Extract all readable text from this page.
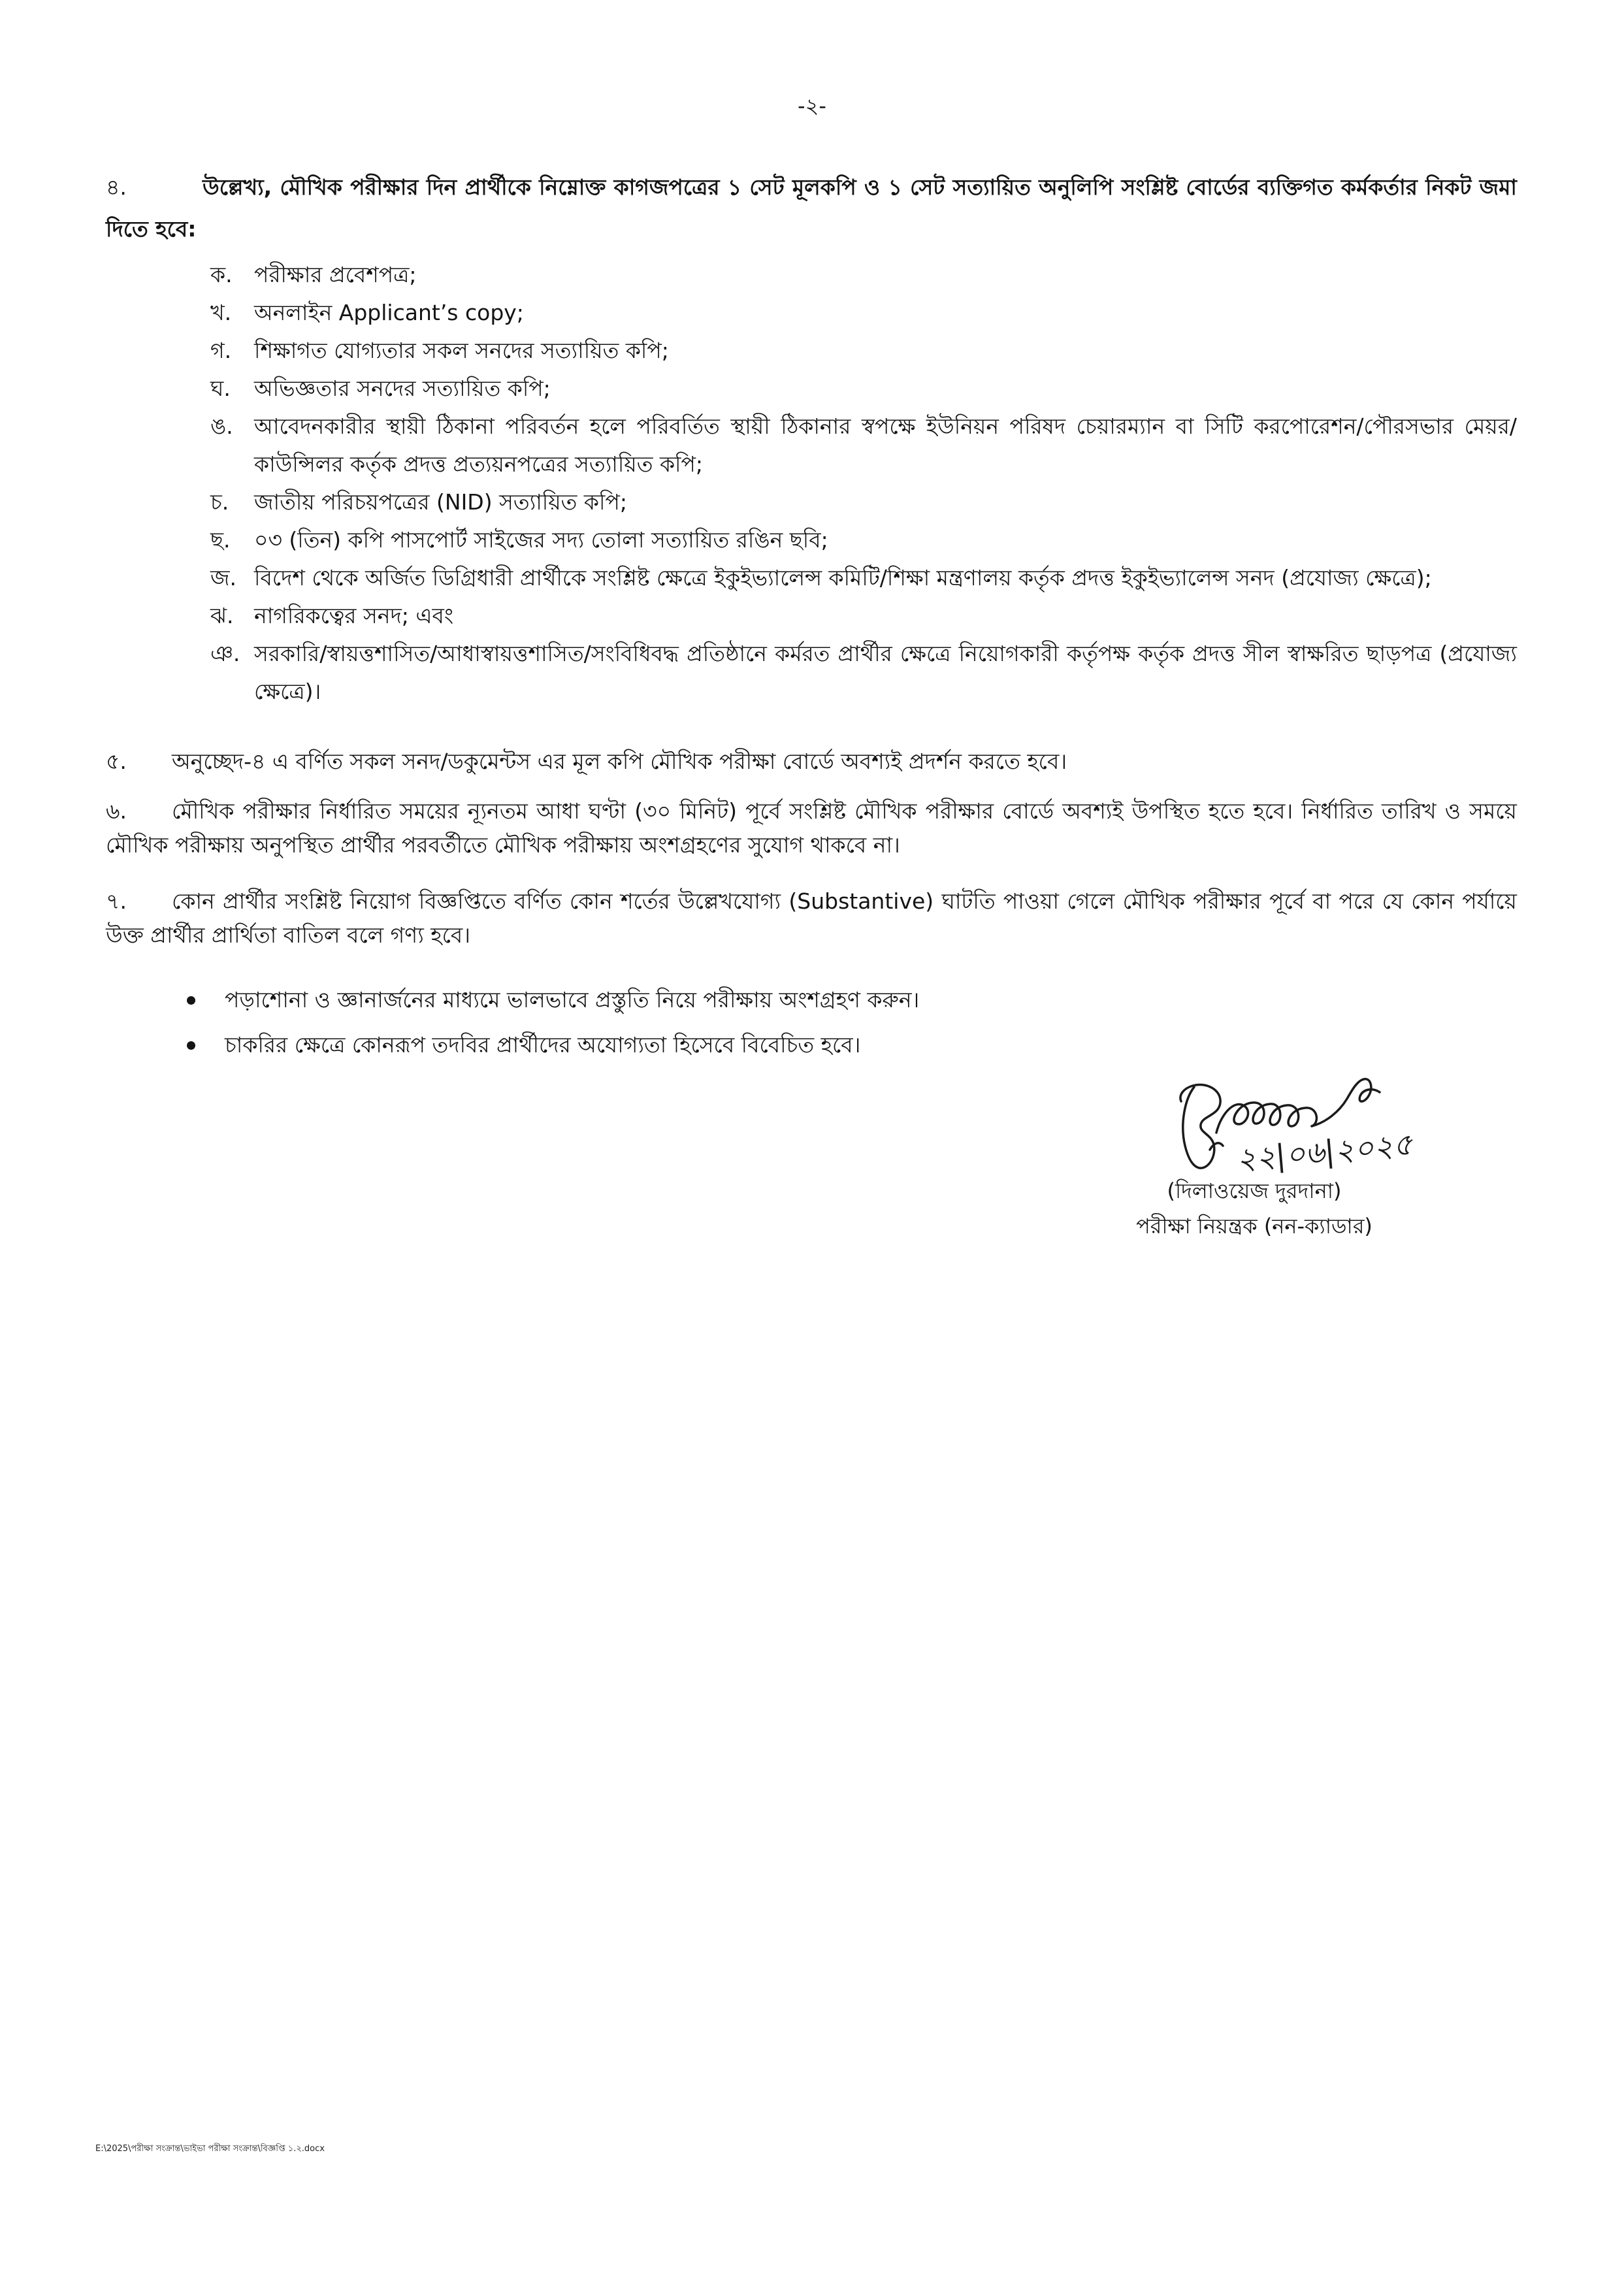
-২-

৪.	উল্লেখ্য, মৌখিক পরীক্ষার দিন প্রার্থীকে নিম্নোক্ত কাগজপত্রের ১ সেট মূলকপি ও ১ সেট সত্যায়িত অনুলিপি সংশ্লিষ্ট বোর্ডের ব্যক্তিগত কর্মকর্তার নিকট জমা দিতে হবে:

ক.	পরীক্ষার প্রবেশপত্র;
খ.	অনলাইন Applicant’s copy;
গ.	শিক্ষাগত যোগ্যতার সকল সনদের সত্যায়িত কপি;
ঘ.	অভিজ্ঞতার সনদের সত্যায়িত কপি;
ঙ. আবেদনকারীর স্থায়ী ঠিকানা পরিবর্তন হলে পরিবর্তিত স্থায়ী ঠিকানার স্বপক্ষে ইউনিয়ন পরিষদ চেয়ারম্যান বা সিটি করপোরেশন/পৌরসভার মেয়র/কাউন্সিলর কর্তৃক প্রদত্ত প্রত্যয়নপত্রের সত্যায়িত কপি;
চ.	জাতীয় পরিচয়পত্রের (NID) সত্যায়িত কপি;
ছ.	০৩ (তিন) কপি পাসপোর্ট সাইজের সদ্য তোলা সত্যায়িত রঙিন ছবি;
জ. বিদেশ থেকে অর্জিত ডিগ্রিধারী প্রার্থীকে সংশ্লিষ্ট ক্ষেত্রে ইকুইভ্যালেন্স কমিটি/শিক্ষা মন্ত্রণালয় কর্তৃক প্রদত্ত ইকুইভ্যালেন্স সনদ (প্রযোজ্য ক্ষেত্রে);
ঝ. নাগরিকত্বের সনদ; এবং
ঞ. সরকারি/স্বায়ত্তশাসিত/আধাস্বায়ত্তশাসিত/সংবিধিবদ্ধ প্রতিষ্ঠানে কর্মরত প্রার্থীর ক্ষেত্রে নিয়োগকারী কর্তৃপক্ষ কর্তৃক প্রদত্ত সীল স্বাক্ষরিত ছাড়পত্র (প্রযোজ্য ক্ষেত্রে)।

৫. অনুচ্ছেদ-৪ এ বর্ণিত সকল সনদ/ডকুমেন্টস এর মূল কপি মৌখিক পরীক্ষা বোর্ডে অবশ্যই প্রদর্শন করতে হবে।

৬. মৌখিক পরীক্ষার নির্ধারিত সময়ের ন্যূনতম আধা ঘণ্টা (৩০ মিনিট) পূর্বে সংশ্লিষ্ট মৌখিক পরীক্ষার বোর্ডে অবশ্যই উপস্থিত হতে হবে। নির্ধারিত তারিখ ও সময়ে মৌখিক পরীক্ষায় অনুপস্থিত প্রার্থীর পরবর্তীতে মৌখিক পরীক্ষায় অংশগ্রহণের সুযোগ থাকবে না।

৭. কোন প্রার্থীর সংশ্লিষ্ট নিয়োগ বিজ্ঞপ্তিতে বর্ণিত কোন শর্তের উল্লেখযোগ্য (Substantive) ঘাটতি পাওয়া গেলে মৌখিক পরীক্ষার পূর্বে বা পরে যে কোন পর্যায়ে উক্ত প্রার্থীর প্রার্থিতা বাতিল বলে গণ্য হবে।

পড়াশোনা ও জ্ঞানার্জনের মাধ্যমে ভালভাবে প্রস্তুতি নিয়ে পরীক্ষায় অংশগ্রহণ করুন।
চাকরির ক্ষেত্রে কোনরূপ তদবির প্রার্থীদের অযোগ্যতা হিসেবে বিবেচিত হবে।
২২|০৬|২০২৫
(দিলাওয়েজ দুরদানা)
পরীক্ষা নিয়ন্ত্রক (নন-ক্যাডার)
E:\2025\পরীক্ষা সংক্রান্ত\ভাইভা পরীক্ষা সংক্রান্ত\বিজ্ঞপ্তি ১.২.docx
